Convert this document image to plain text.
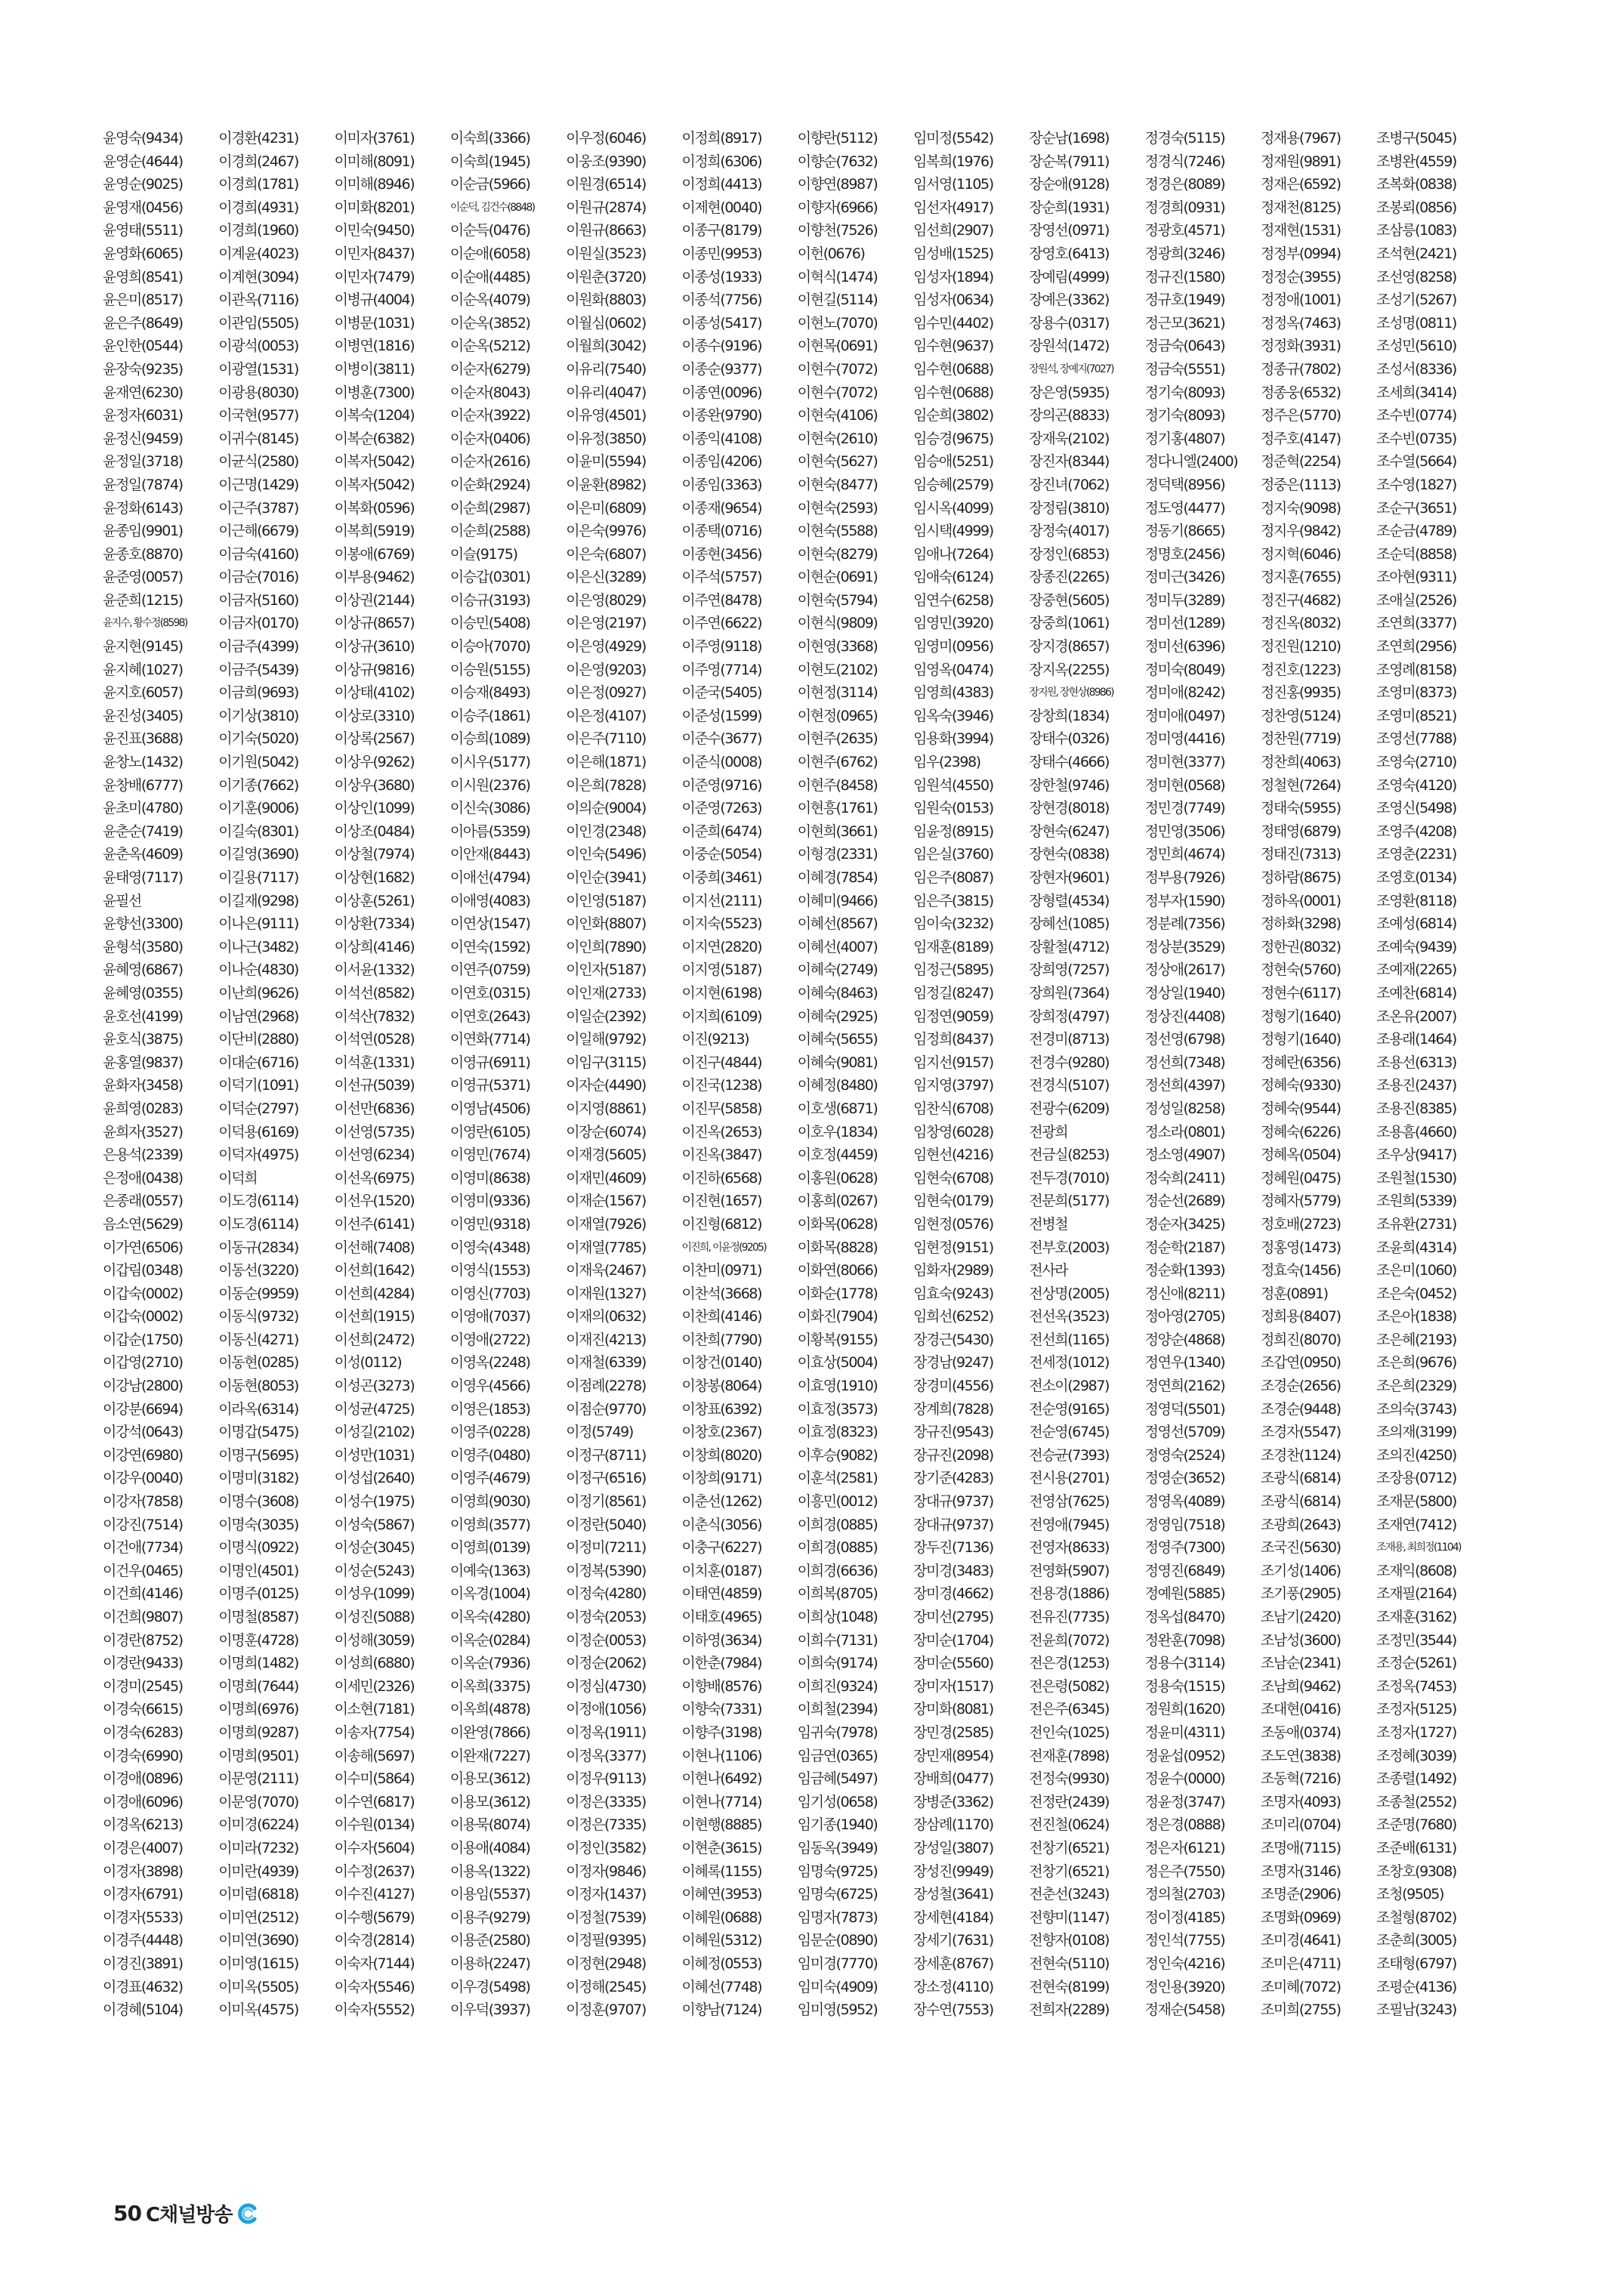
윤영숙(9434)
윤영순(4644)
윤영순(9025)
윤영재(0456)
윤영태(5511)
윤영화(6065)
윤영희(8541)
윤은미(8517)
윤은주(8649)
윤인한(0544)
윤장숙(9235)
윤재연(6230)
윤정자(6031)
윤정신(9459)
윤정일(3718)
윤정일(7874)
윤정화(6143)
윤종임(9901)
윤종호(8870)
윤준영(0057)
윤준희(1215)
윤지수, 황수정(8598)
윤지현(9145)
윤지혜(1027)
윤지호(6057)
윤진성(3405)
윤진표(3688)
윤창노(1432)
윤창배(6777)
윤초미(4780)
윤춘순(7419)
윤춘옥(4609)
윤태영(7117)
윤필선
윤향선(3300)
윤형석(3580)
윤혜영(6867)
윤혜영(0355)
윤호선(4199)
윤호식(3875)
윤홍열(9837)
윤화자(3458)
윤희영(0283)
윤희자(3527)
은용석(2339)
은정애(0438)
은종래(0557)
음소연(5629)
이가연(6506)
이갑림(0348)
이갑숙(0002)
이갑숙(0002)
이갑순(1750)
이갑영(2710)
이강남(2800)
이강분(6694)
이강석(0643)
이강연(6980)
이강우(0040)
이강자(7858)
이강진(7514)
이건애(7734)
이건우(0465)
이건희(4146)
이건희(9807)
이경란(8752)
이경란(9433)
이경미(2545)
이경숙(6615)
이경숙(6283)
이경숙(6990)
이경애(0896)
이경애(6096)
이경옥(6213)
이경은(4007)
이경자(3898)
이경자(6791)
이경자(5533)
이경주(4448)
이경진(3891)
이경표(4632)
이경혜(5104)
이경환(4231)
이경희(2467)
이경희(1781)
이경희(4931)
이경희(1960)
이계윤(4023)
이계현(3094)
이관옥(7116)
이관임(5505)
이광석(0053)
이광열(1531)
이광용(8030)
이국현(9577)
이귀수(8145)
이균식(2580)
이근명(1429)
이근주(3787)
이근해(6679)
이금숙(4160)
이금순(7016)
이금자(5160)
이금자(0170)
이금주(4399)
이금주(5439)
이금희(9693)
이기상(3810)
이기숙(5020)
이기원(5042)
이기종(7662)
이기훈(9006)
이길숙(8301)
이길영(3690)
이길용(7117)
이길재(9298)
이나은(9111)
이나근(3482)
이나순(4830)
이난희(9626)
이남연(2968)
이단비(2880)
이대순(6716)
이덕기(1091)
이덕순(2797)
이덕용(6169)
이덕자(4975)
이덕희
이도경(6114)
이도경(6114)
이동규(2834)
이동선(3220)
이동순(9959)
이동식(9732)
이동신(4271)
이동현(0285)
이동현(8053)
이라옥(6314)
이명갑(5475)
이명구(5695)
이명미(3182)
이명수(3608)
이명숙(3035)
이명식(0922)
이명인(4501)
이명주(0125)
이명철(8587)
이명훈(4728)
이명희(1482)
이명희(7644)
이명희(6976)
이명희(9287)
이명희(9501)
이문영(2111)
이문영(7070)
이미경(6224)
이미라(7232)
이미란(4939)
이미렴(6818)
이미연(2512)
이미연(3690)
이미영(1615)
이미옥(5505)
이미옥(4575)
이미자(3761)
이미해(8091)
이미해(8946)
이미화(8201)
이민숙(9450)
이민자(8437)
이민자(7479)
이병규(4004)
이병문(1031)
이병연(1816)
이병이(3811)
이병훈(7300)
이복숙(1204)
이복순(6382)
이복자(5042)
이복자(5042)
이복화(0596)
이복희(5919)
이봉애(6769)
이부용(9462)
이상권(2144)
이상규(8657)
이상규(3610)
이상규(9816)
이상태(4102)
이상로(3310)
이상록(2567)
이상우(9262)
이상우(3680)
이상인(1099)
이상조(0484)
이상철(7974)
이상현(1682)
이상훈(5261)
이상환(7334)
이상희(4146)
이서윤(1332)
이석선(8582)
이석산(7832)
이석연(0528)
이석훈(1331)
이선규(5039)
이선만(6836)
이선영(5735)
이선영(6234)
이선옥(6975)
이선우(1520)
이선주(6141)
이선해(7408)
이선희(1642)
이선희(4284)
이선희(1915)
이선희(2472)
이성(0112)
이성곤(3273)
이성균(4725)
이성길(2102)
이성만(1031)
이성섭(2640)
이성수(1975)
이성숙(5867)
이성순(3045)
이성순(5243)
이성우(1099)
이성진(5088)
이성해(3059)
이성희(6880)
이세민(2326)
이소현(7181)
이송자(7754)
이송해(5697)
이수미(5864)
이수연(6817)
이수원(0134)
이수자(5604)
이수정(2637)
이수진(4127)
이수행(5679)
이숙경(2814)
이숙자(7144)
이숙자(5546)
이숙자(5552)
이숙희(3366)
이숙희(1945)
이순금(5966)
이순덕, 김건수(8848)
이순득(0476)
이순애(6058)
이순애(4485)
이순옥(4079)
이순옥(3852)
이순옥(5212)
이순자(6279)
이순자(8043)
이순자(3922)
이순자(0406)
이순자(2616)
이순화(2924)
이순희(2987)
이순희(2588)
이슬(9175)
이승갑(0301)
이승규(3193)
이승민(5408)
이승아(7070)
이승원(5155)
이승재(8493)
이승주(1861)
이승희(1089)
이시우(5177)
이시원(2376)
이신숙(3086)
이아름(5359)
이안재(8443)
이애선(4794)
이애영(4083)
이연상(1547)
이연숙(1592)
이연주(0759)
이연호(0315)
이연호(2643)
이연화(7714)
이영규(6911)
이영규(5371)
이영남(4506)
이영란(6105)
이영민(7674)
이영미(8638)
이영미(9336)
이영민(9318)
이영숙(4348)
이영식(1553)
이영신(7703)
이영애(7037)
이영애(2722)
이영옥(2248)
이영우(4566)
이영은(1853)
이영주(0228)
이영주(0480)
이영주(4679)
이영희(9030)
이영희(3577)
이영희(0139)
이예숙(1363)
이옥경(1004)
이옥숙(4280)
이옥순(0284)
이옥순(7936)
이옥희(3375)
이옥희(4878)
이완영(7866)
이완재(7227)
이용모(3612)
이용모(3612)
이용묵(8074)
이용애(4084)
이용옥(1322)
이용임(5537)
이용주(9279)
이용준(2580)
이용하(2247)
이우경(5498)
이우덕(3937)
이우정(6046)
이웅조(9390)
이원경(6514)
이원규(2874)
이원규(8663)
이원실(3523)
이원춘(3720)
이원화(8803)
이월심(0602)
이월희(3042)
이유리(7540)
이유리(4047)
이유영(4501)
이유정(3850)
이윤미(5594)
이윤환(8982)
이은미(6809)
이은숙(9976)
이은숙(6807)
이은신(3289)
이은영(8029)
이은영(2197)
이은영(4929)
이은영(9203)
이은정(0927)
이은정(4107)
이은주(7110)
이은해(1871)
이은희(7828)
이의순(9004)
이인경(2348)
이인숙(5496)
이인순(3941)
이인영(5187)
이인화(8807)
이인희(7890)
이인자(5187)
이인재(2733)
이일순(2392)
이일해(9792)
이임구(3115)
이자순(4490)
이지영(8861)
이장순(6074)
이재경(5605)
이재민(4609)
이재순(1567)
이재열(7926)
이재열(7785)
이재욱(2467)
이재원(1327)
이재의(0632)
이재진(4213)
이재철(6339)
이점례(2278)
이점순(9770)
이정(5749)
이정구(8711)
이정구(6516)
이정기(8561)
이정란(5040)
이정미(7211)
이정복(5390)
이정숙(4280)
이정숙(2053)
이정순(0053)
이정순(2062)
이정심(4730)
이정애(1056)
이정옥(1911)
이정옥(3377)
이정우(9113)
이정은(3335)
이정은(7335)
이정인(3582)
이정자(9846)
이정자(1437)
이정철(7539)
이정필(9395)
이정현(2948)
이정해(2545)
이정훈(9707)
이정희(8917)
이정희(6306)
이정희(4413)
이제현(0040)
이종구(8179)
이종민(9953)
이종성(1933)
이종석(7756)
이종성(5417)
이종수(9196)
이종순(9377)
이종연(0096)
이종완(9790)
이종익(4108)
이종임(4206)
이종임(3363)
이종재(9654)
이종택(0716)
이종현(3456)
이주석(5757)
이주연(8478)
이주연(6622)
이주영(9118)
이주영(7714)
이준국(5405)
이준성(1599)
이준수(3677)
이준식(0008)
이준영(9716)
이준영(7263)
이준희(6474)
이중순(5054)
이중희(3461)
이지선(2111)
이지숙(5523)
이지연(2820)
이지영(5187)
이지현(6198)
이지희(6109)
이진(9213)
이진구(4844)
이진국(1238)
이진무(5858)
이진옥(2653)
이진옥(3847)
이진하(6568)
이진현(1657)
이진형(6812)
이진희, 이윤정(9205)
이찬미(0971)
이찬석(3668)
이찬희(4146)
이찬희(7790)
이창건(0140)
이창봉(8064)
이창표(6392)
이창호(2367)
이창희(8020)
이창희(9171)
이춘선(1262)
이춘식(3056)
이충구(6227)
이치훈(0187)
이태연(4859)
이태호(4965)
이하영(3634)
이한춘(7984)
이향배(8576)
이향숙(7331)
이향주(3198)
이현나(1106)
이현나(6492)
이현나(7714)
이현행(8885)
이현춘(3615)
이혜록(1155)
이혜연(3953)
이혜원(0688)
이혜원(5312)
이혜정(0553)
이혜선(7748)
이향남(7124)
이향란(5112)
이향순(7632)
이향연(8987)
이향자(6966)
이향천(7526)
이헌(0676)
이혁식(1474)
이현길(5114)
이현노(7070)
이현목(0691)
이현수(7072)
이현수(7072)
이현숙(4106)
이현숙(2610)
이현숙(5627)
이현숙(8477)
이현숙(2593)
이현숙(5588)
이현숙(8279)
이현순(0691)
이현숙(5794)
이현식(9809)
이현영(3368)
이현도(2102)
이현정(3114)
이현정(0965)
이현주(2635)
이현주(6762)
이현주(8458)
이현흥(1761)
이현희(3661)
이형경(2331)
이혜경(7854)
이혜미(9466)
이혜선(8567)
이혜선(4007)
이혜숙(2749)
이혜숙(8463)
이혜숙(2925)
이혜숙(5655)
이혜숙(9081)
이혜정(8480)
이호생(6871)
이호우(1834)
이호정(4459)
이홍원(0628)
이홍희(0267)
이화목(0628)
이화목(8828)
이화연(8066)
이화순(1778)
이화진(7904)
이황복(9155)
이효상(5004)
이효영(1910)
이효정(3573)
이효정(8323)
이후승(9082)
이훈석(2581)
이흥민(0012)
이희경(0885)
이희경(0885)
이희경(6636)
이희복(8705)
이희상(1048)
이희수(7131)
이희숙(9174)
이희진(9324)
이희철(2394)
임귀숙(7978)
임금연(0365)
임금혜(5497)
임기성(0658)
임기종(1940)
임동옥(3949)
임명숙(9725)
임명숙(6725)
임명자(7873)
임문순(0890)
임미경(7770)
임미숙(4909)
임미영(5952)
임미정(5542)
임복희(1976)
임서영(1105)
임선자(4917)
임선희(2907)
임성배(1525)
임성자(1894)
임성자(0634)
임수민(4402)
임수현(9637)
임수현(0688)
임수현(0688)
임순희(3802)
임승경(9675)
임승애(5251)
임승혜(2579)
임시옥(4099)
임시택(4999)
임애나(7264)
임애숙(6124)
임연수(6258)
임영민(3920)
임영미(0956)
임영옥(0474)
임영희(4383)
임옥숙(3946)
임용화(3994)
임우(2398)
임원석(4550)
임원숙(0153)
임윤정(8915)
임은실(3760)
임은주(8087)
임은주(3815)
임이숙(3232)
임재훈(8189)
임정근(5895)
임정길(8247)
임정연(9059)
임정희(8437)
임지선(9157)
임지영(3797)
임찬식(6708)
임창영(6028)
임현선(4216)
임현숙(6708)
임현숙(0179)
임현정(0576)
임현정(9151)
임화자(2989)
임효숙(9243)
임희선(6252)
장경근(5430)
장경남(9247)
장경미(4556)
장계희(7828)
장규진(9543)
장규진(2098)
장기준(4283)
장대규(9737)
장대규(9737)
장두진(7136)
장미경(3483)
장미경(4662)
장미선(2795)
장미순(1704)
장미순(5560)
장미자(1517)
장미화(8081)
장민경(2585)
장민재(8954)
장배희(0477)
장병준(3362)
장삼례(1170)
장성일(3807)
장성진(9949)
장성철(3641)
장세현(4184)
장세기(7631)
장세훈(8767)
장소정(4110)
장수연(7553)
장순남(1698)
장순복(7911)
장순애(9128)
장순희(1931)
장영선(0971)
장영호(6413)
장예림(4999)
장예은(3362)
장용수(0317)
장원석(1472)
장원석, 장예지(7027)
장은영(5935)
장의곤(8833)
장재욱(2102)
장진자(8344)
장진녀(7062)
장정림(3810)
장정숙(4017)
장정인(6853)
장종진(2265)
장중현(5605)
장중희(1061)
장지경(8657)
장지옥(2255)
장지원, 장현상(8986)
장창희(1834)
장태수(0326)
장태수(4666)
장한철(9746)
장현경(8018)
장현숙(6247)
장현숙(0838)
장현자(9601)
장형렬(4534)
장혜선(1085)
장활철(4712)
장희영(7257)
장희원(7364)
장희정(4797)
전경미(8713)
전경수(9280)
전경식(5107)
전광수(6209)
전광희
전금실(8253)
전두경(7010)
전문희(5177)
전병철
전부호(2003)
전사라
전상명(2005)
전선옥(3523)
전선희(1165)
전세정(1012)
전소이(2987)
전순영(9165)
전순영(6745)
전승균(7393)
전시용(2701)
전영삼(7625)
전영애(7945)
전영자(8633)
전영화(5907)
전용경(1886)
전유진(7735)
전윤희(7072)
전은경(1253)
전은령(5082)
전은주(6345)
전인숙(1025)
전재훈(7898)
전정숙(9930)
전정란(2439)
전진철(0624)
전창기(6521)
전창기(6521)
전춘선(3243)
전향미(1147)
전향자(0108)
전현숙(5110)
전현숙(8199)
전희자(2289)
정경숙(5115)
정경식(7246)
정경은(8089)
정경희(0931)
정광호(4571)
정광희(3246)
정규진(1580)
정규호(1949)
정근모(3621)
정금숙(0643)
정금숙(5551)
정기숙(8093)
정기숙(8093)
정기홍(4807)
정다니엘(2400)
정덕택(8956)
정도영(4477)
정동기(8665)
정명호(2456)
정미근(3426)
정미두(3289)
정미선(1289)
정미선(6396)
정미숙(8049)
정미애(8242)
정미애(0497)
정미영(4416)
정미현(3377)
정미현(0568)
정민경(7749)
정민영(3506)
정민희(4674)
정부용(7926)
정부자(1590)
정분례(7356)
정상분(3529)
정상애(2617)
정상일(1940)
정상진(4408)
정선영(6798)
정선희(7348)
정선희(4397)
정성일(8258)
정소라(0801)
정소영(4907)
정숙희(2411)
정순선(2689)
정순자(3425)
정순학(2187)
정순화(1393)
정신애(8211)
정아영(2705)
정양순(4868)
정연우(1340)
정연희(2162)
정영덕(5501)
정영선(5709)
정영숙(2524)
정영순(3652)
정영옥(4089)
정영임(7518)
정영주(7300)
정영진(6849)
정예원(5885)
정옥섭(8470)
정완훈(7098)
정용수(3114)
정용숙(1515)
정원희(1620)
정윤미(4311)
정윤섭(0952)
정윤수(0000)
정윤정(3747)
정은경(0888)
정은자(6121)
정은주(7550)
정의철(2703)
정이정(4185)
정인석(7755)
정인숙(4216)
정인용(3920)
정재순(5458)
정재용(7967)
정재원(9891)
정재은(6592)
정재천(8125)
정재현(1531)
정정부(0994)
정정순(3955)
정정애(1001)
정정옥(7463)
정정화(3931)
정종규(7802)
정종웅(6532)
정주은(5770)
정주호(4147)
정준혁(2254)
정중은(1113)
정지숙(9098)
정지우(9842)
정지혁(6046)
정지훈(7655)
정진구(4682)
정진옥(8032)
정진원(1210)
정진호(1223)
정진홍(9935)
정찬영(5124)
정찬원(7719)
정찬희(4063)
정철현(7264)
정태숙(5955)
정태영(6879)
정태진(7313)
정하람(8675)
정하옥(0001)
정하화(3298)
정한권(8032)
정현숙(5760)
정현수(6117)
정형기(1640)
정형기(1640)
정혜란(6356)
정혜숙(9330)
정혜숙(9544)
정혜숙(6226)
정혜옥(0504)
정혜원(0475)
정혜자(5779)
정호배(2723)
정홍영(1473)
정효숙(1456)
정훈(0891)
정희용(8407)
정희진(8070)
조갑연(0950)
조경순(2656)
조경순(9448)
조경자(5547)
조경찬(1124)
조광식(6814)
조광식(6814)
조광희(2643)
조국진(5630)
조기성(1406)
조기풍(2905)
조남기(2420)
조남성(3600)
조남순(2341)
조남희(9462)
조대현(0416)
조동애(0374)
조도연(3838)
조동혁(7216)
조명자(4093)
조미리(0704)
조명애(7115)
조명자(3146)
조명준(2906)
조명화(0969)
조미경(4641)
조미은(4711)
조미혜(7072)
조미희(2755)
조병구(5045)
조병완(4559)
조복화(0838)
조봉뢰(0856)
조삼릉(1083)
조석현(2421)
조선영(8258)
조성기(5267)
조성명(0811)
조성민(5610)
조성서(8336)
조세희(3414)
조수빈(0774)
조수빈(0735)
조수열(5664)
조수영(1827)
조순구(3651)
조순금(4789)
조순덕(8858)
조아현(9311)
조애실(2526)
조연희(3377)
조연희(2956)
조영례(8158)
조영미(8373)
조영미(8521)
조영선(7788)
조영숙(2710)
조영숙(4120)
조영신(5498)
조영주(4208)
조영춘(2231)
조영호(0134)
조영환(8118)
조예성(6814)
조예숙(9439)
조예재(2265)
조예찬(6814)
조온유(2007)
조용래(1464)
조용선(6313)
조용진(2437)
조용진(8385)
조용흠(4660)
조우상(9417)
조원철(1530)
조원희(5339)
조유환(2731)
조윤희(4314)
조은미(1060)
조은숙(0452)
조은아(1838)
조은혜(2193)
조은희(9676)
조은희(2329)
조의숙(3743)
조의재(3199)
조의진(4250)
조장용(0712)
조재문(5800)
조재연(7412)
조재용, 최희정(1104)
조재익(8608)
조재필(2164)
조재훈(3162)
조정민(3544)
조정순(5261)
조정옥(7453)
조정자(5125)
조정자(1727)
조정혜(3039)
조종렬(1492)
조종철(2552)
조준명(7680)
조준배(6131)
조창호(9308)
조청(9505)
조철형(8702)
조춘희(3005)
조태형(6797)
조평순(4136)
조필남(3243)
50 C채널방송
